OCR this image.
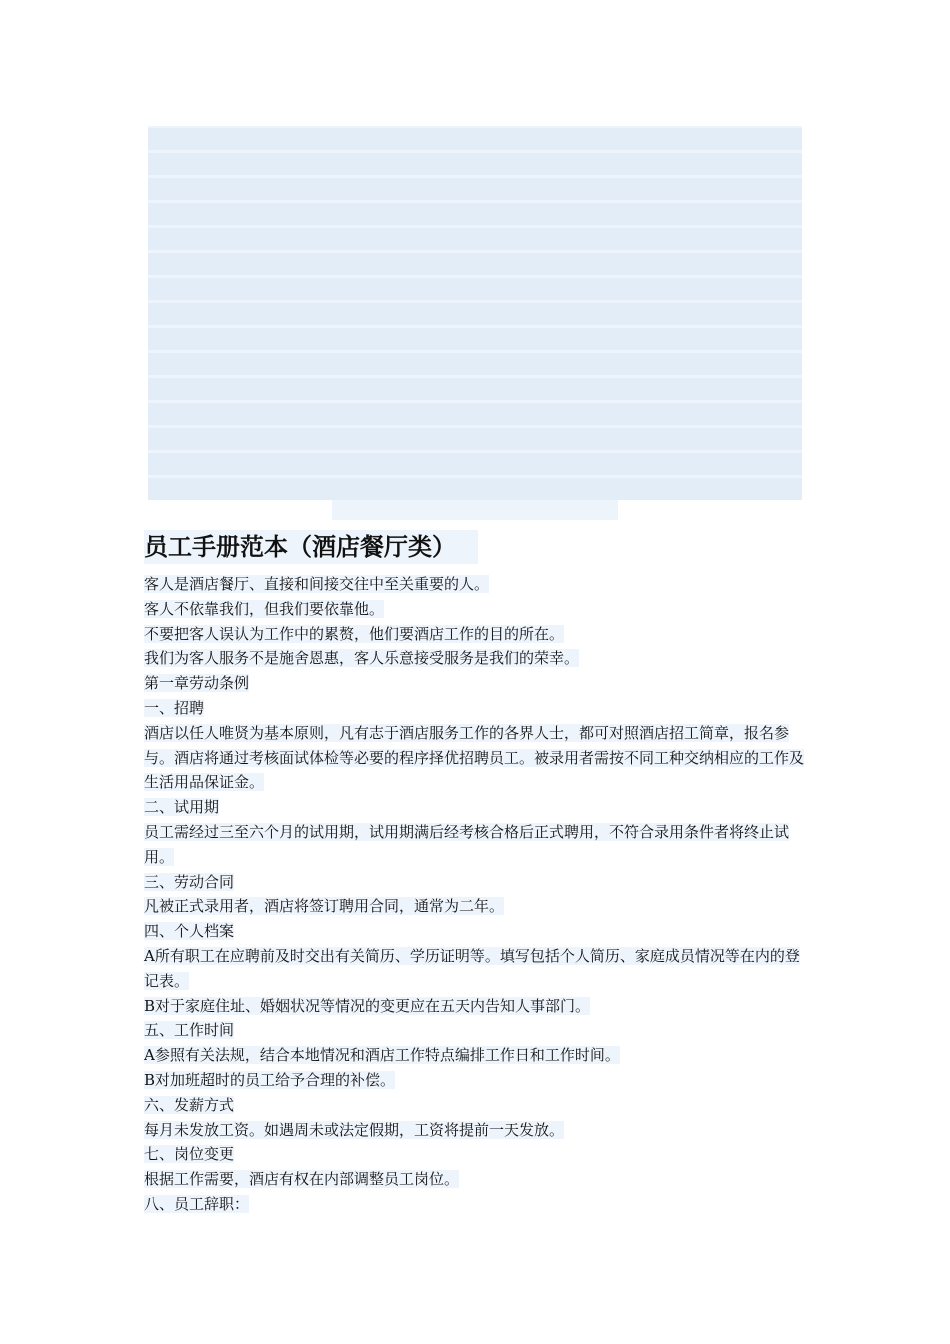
员工手册范本（酒店餐厅类）

客人是酒店餐厅、直接和间接交往中至关重要的人。

客人不依靠我们，但我们要依靠他。

不要把客人误认为工作中的累赘，他们要酒店工作的目的所在。

我们为客人服务不是施舍恩惠，客人乐意接受服务是我们的荣幸。

第一章劳动条例

一、招聘

酒店以任人唯贤为基本原则，凡有志于酒店服务工作的各界人士，都可对照酒店招工简章，报名参与。酒店将通过考核面试体检等必要的程序择优招聘员工。被录用者需按不同工种交纳相应的工作及生活用品保证金。

二、试用期

员工需经过三至六个月的试用期，试用期满后经考核合格后正式聘用，不符合录用条件者将终止试用。

三、劳动合同

凡被正式录用者，酒店将签订聘用合同，通常为二年。

四、个人档案

A所有职工在应聘前及时交出有关简历、学历证明等。填写包括个人简历、家庭成员情况等在内的登记表。

B对于家庭住址、婚姻状况等情况的变更应在五天内告知人事部门。

五、工作时间

A参照有关法规，结合本地情况和酒店工作特点编排工作日和工作时间。

B对加班超时的员工给予合理的补偿。

六、发薪方式

每月未发放工资。如遇周未或法定假期，工资将提前一天发放。

七、岗位变更

根据工作需要，酒店有权在内部调整员工岗位。

八、员工辞职：
